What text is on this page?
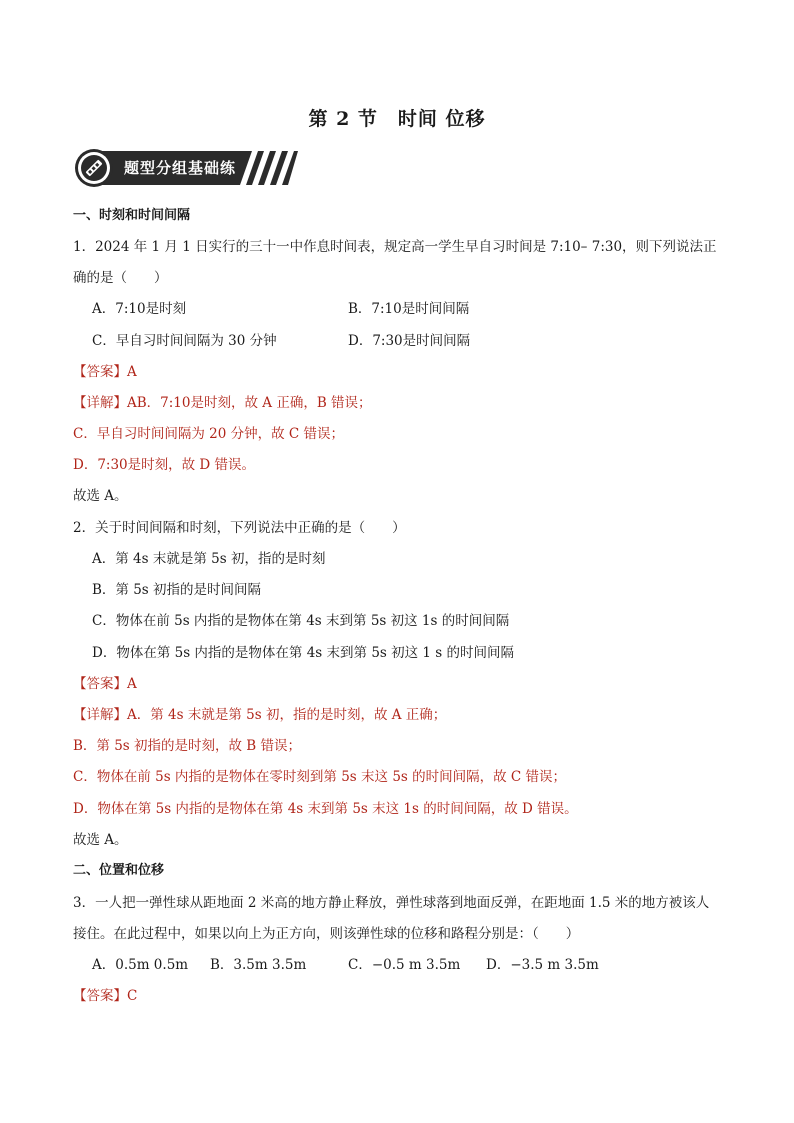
第 2 节　时间 位移
题型分组基础练
一、时刻和时间间隔
1．2024 年 1 月 1 日实行的三十一中作息时间表，规定高一学生早自习时间是 7:10– 7:30，则下列说法正
确的是（　　）
A．7:10是时刻	B．7:10是时间间隔
C．早自习时间间隔为 30 分钟	D．7:30是时间间隔
【答案】A
【详解】AB．7:10是时刻，故 A 正确，B 错误；
C．早自习时间间隔为 20 分钟，故 C 错误；
D．7:30是时刻，故 D 错误。
故选 A。
2．关于时间间隔和时刻，下列说法中正确的是（　　）
A．第 4s 末就是第 5s 初，指的是时刻
B．第 5s 初指的是时间间隔
C．物体在前 5s 内指的是物体在第 4s 末到第 5s 初这 1s 的时间间隔
D．物体在第 5s 内指的是物体在第 4s 末到第 5s 初这 1 s 的时间间隔
【答案】A
【详解】A．第 4s 末就是第 5s 初，指的是时刻，故 A 正确；
B．第 5s 初指的是时刻，故 B 错误；
C．物体在前 5s 内指的是物体在零时刻到第 5s 末这 5s 的时间间隔，故 C 错误；
D．物体在第 5s 内指的是物体在第 4s 末到第 5s 末这 1s 的时间间隔，故 D 错误。
故选 A。
二、位置和位移
3．一人把一弹性球从距地面 2 米高的地方静止释放，弹性球落到地面反弹，在距地面 1.5 米的地方被该人
接住。在此过程中，如果以向上为正方向，则该弹性球的位移和路程分别是：（　　）
A．0.5m 0.5m B．3.5m 3.5m	C．−0.5 m 3.5m D．−3.5 m 3.5m
【答案】C
